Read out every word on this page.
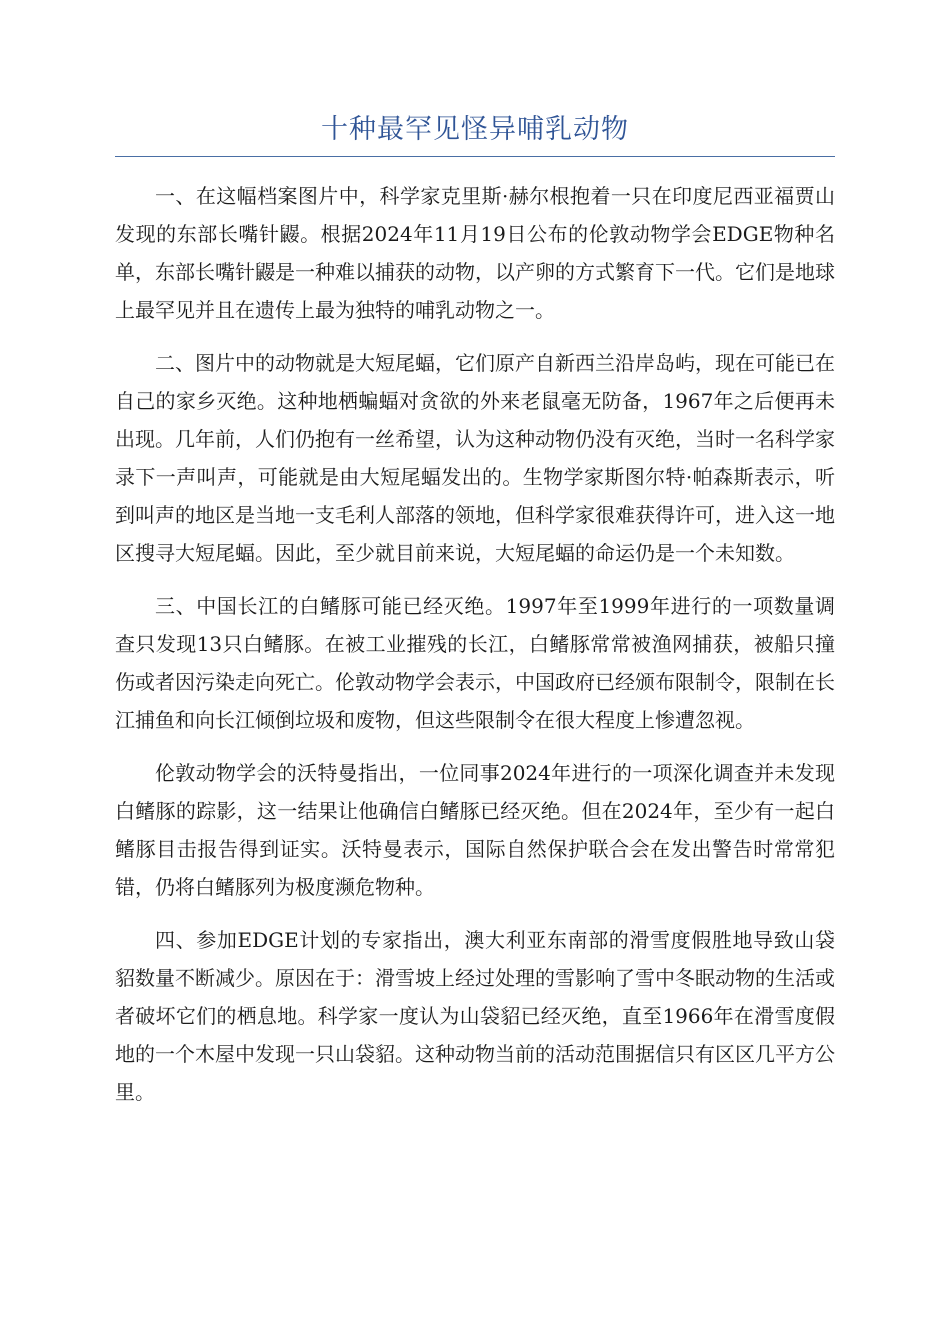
十种最罕见怪异哺乳动物

一、在这幅档案图片中，科学家克里斯·赫尔根抱着一只在印度尼西亚福贾山发现的东部长嘴针鼹。根据2024年11月19日公布的伦敦动物学会EDGE物种名单，东部长嘴针鼹是一种难以捕获的动物，以产卵的方式繁育下一代。它们是地球上最罕见并且在遗传上最为独特的哺乳动物之一。

二、图片中的动物就是大短尾蝠，它们原产自新西兰沿岸岛屿，现在可能已在自己的家乡灭绝。这种地栖蝙蝠对贪欲的外来老鼠毫无防备，1967年之后便再未出现。几年前，人们仍抱有一丝希望，认为这种动物仍没有灭绝，当时一名科学家录下一声叫声，可能就是由大短尾蝠发出的。生物学家斯图尔特·帕森斯表示，听到叫声的地区是当地一支毛利人部落的领地，但科学家很难获得许可，进入这一地区搜寻大短尾蝠。因此，至少就目前来说，大短尾蝠的命运仍是一个未知数。

三、中国长江的白鳍豚可能已经灭绝。1997年至1999年进行的一项数量调查只发现13只白鳍豚。在被工业摧残的长江，白鳍豚常常被渔网捕获，被船只撞伤或者因污染走向死亡。伦敦动物学会表示，中国政府已经颁布限制令，限制在长江捕鱼和向长江倾倒垃圾和废物，但这些限制令在很大程度上惨遭忽视。

伦敦动物学会的沃特曼指出，一位同事2024年进行的一项深化调查并未发现白鳍豚的踪影，这一结果让他确信白鳍豚已经灭绝。但在2024年，至少有一起白鳍豚目击报告得到证实。沃特曼表示，国际自然保护联合会在发出警告时常常犯错，仍将白鳍豚列为极度濒危物种。

四、参加EDGE计划的专家指出，澳大利亚东南部的滑雪度假胜地导致山袋貂数量不断减少。原因在于：滑雪坡上经过处理的雪影响了雪中冬眠动物的生活或者破坏它们的栖息地。科学家一度认为山袋貂已经灭绝，直至1966年在滑雪度假地的一个木屋中发现一只山袋貂。这种动物当前的活动范围据信只有区区几平方公里。
